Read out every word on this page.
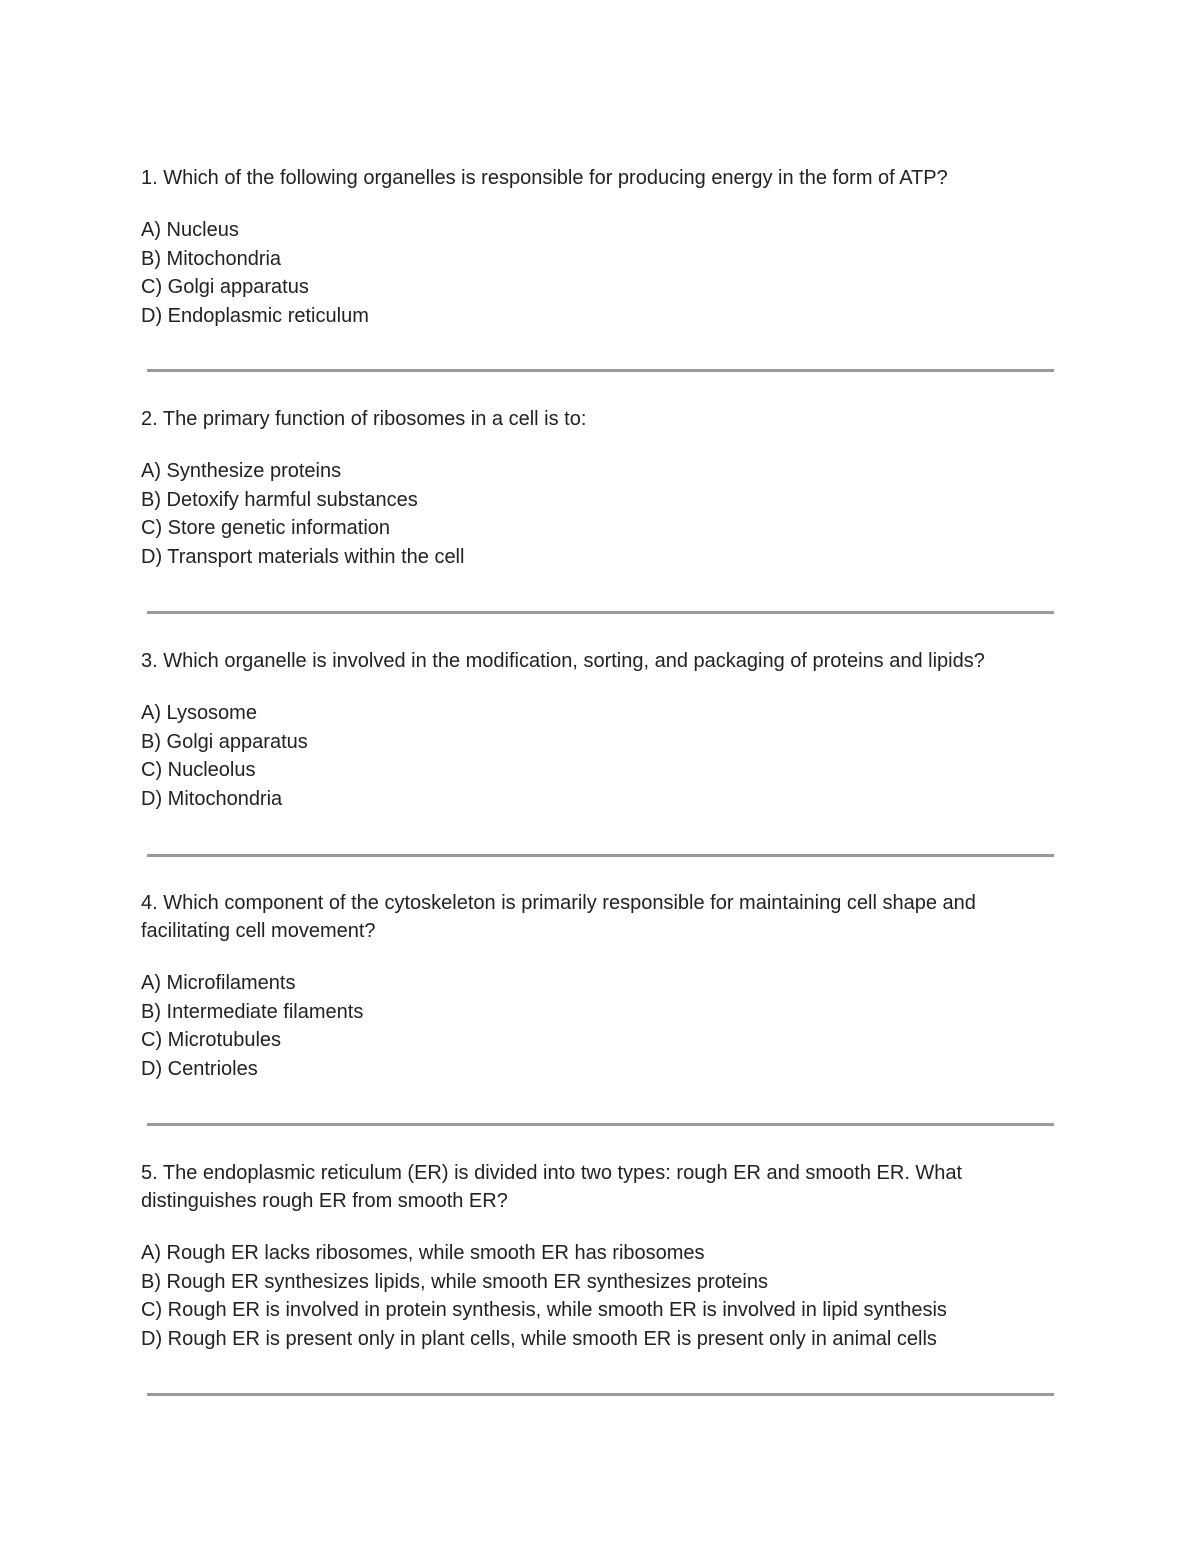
1. Which of the following organelles is responsible for producing energy in the form of ATP?

A) Nucleus
B) Mitochondria
C) Golgi apparatus
D) Endoplasmic reticulum

2. The primary function of ribosomes in a cell is to:

A) Synthesize proteins
B) Detoxify harmful substances
C) Store genetic information
D) Transport materials within the cell

3. Which organelle is involved in the modification, sorting, and packaging of proteins and lipids?

A) Lysosome
B) Golgi apparatus
C) Nucleolus
D) Mitochondria

4. Which component of the cytoskeleton is primarily responsible for maintaining cell shape and facilitating cell movement?

A) Microfilaments
B) Intermediate filaments
C) Microtubules
D) Centrioles

5. The endoplasmic reticulum (ER) is divided into two types: rough ER and smooth ER. What distinguishes rough ER from smooth ER?

A) Rough ER lacks ribosomes, while smooth ER has ribosomes
B) Rough ER synthesizes lipids, while smooth ER synthesizes proteins
C) Rough ER is involved in protein synthesis, while smooth ER is involved in lipid synthesis
D) Rough ER is present only in plant cells, while smooth ER is present only in animal cells
